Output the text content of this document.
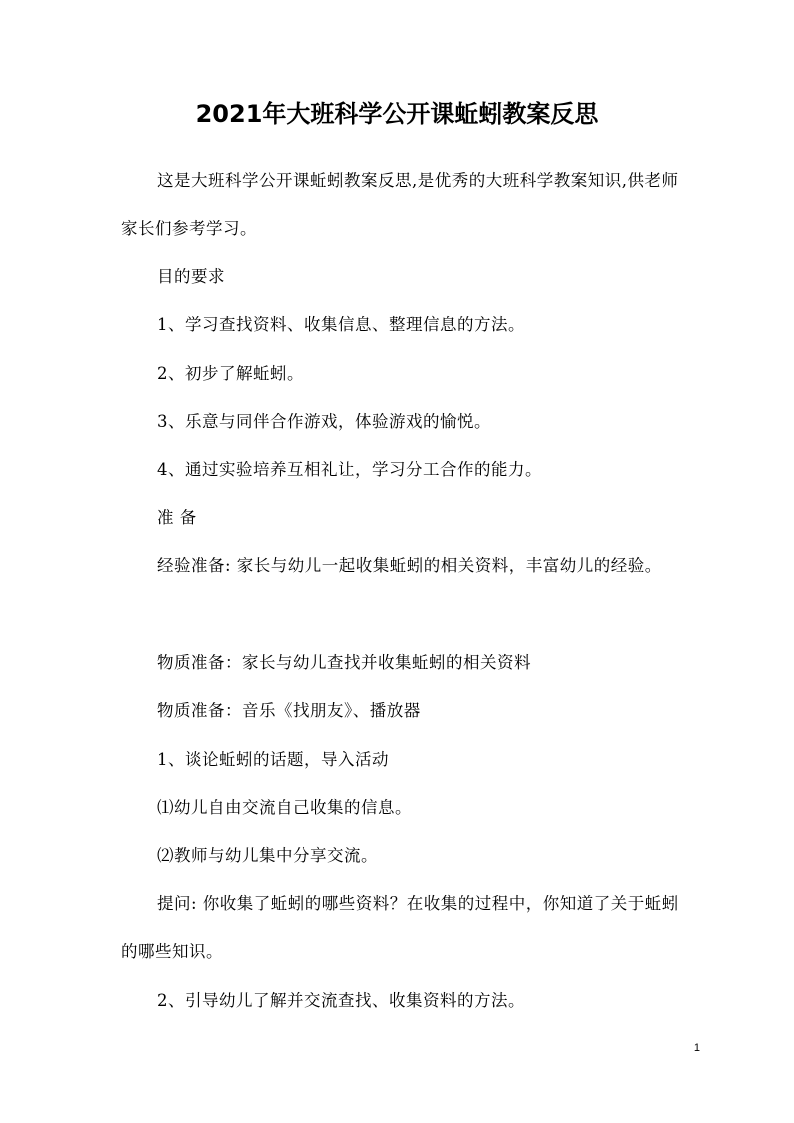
2021年大班科学公开课蚯蚓教案反思
这是大班科学公开课蚯蚓教案反思,是优秀的大班科学教案知识,供老师家长们参考学习。
目的要求
1、学习查找资料、收集信息、整理信息的方法。
2、初步了解蚯蚓。
3、乐意与同伴合作游戏，体验游戏的愉悦。
4、通过实验培养互相礼让，学习分工合作的能力。
准 备
经验准备: 家长与幼儿一起收集蚯蚓的相关资料，丰富幼儿的经验。
物质准备：家长与幼儿查找并收集蚯蚓的相关资料
物质准备：音乐《找朋友》、播放器
1、谈论蚯蚓的话题，导入活动
⑴幼儿自由交流自己收集的信息。
⑵教师与幼儿集中分享交流。
提问: 你收集了蚯蚓的哪些资料？在收集的过程中，你知道了关于蚯蚓的哪些知识。
2、引导幼儿了解并交流查找、收集资料的方法。
1
